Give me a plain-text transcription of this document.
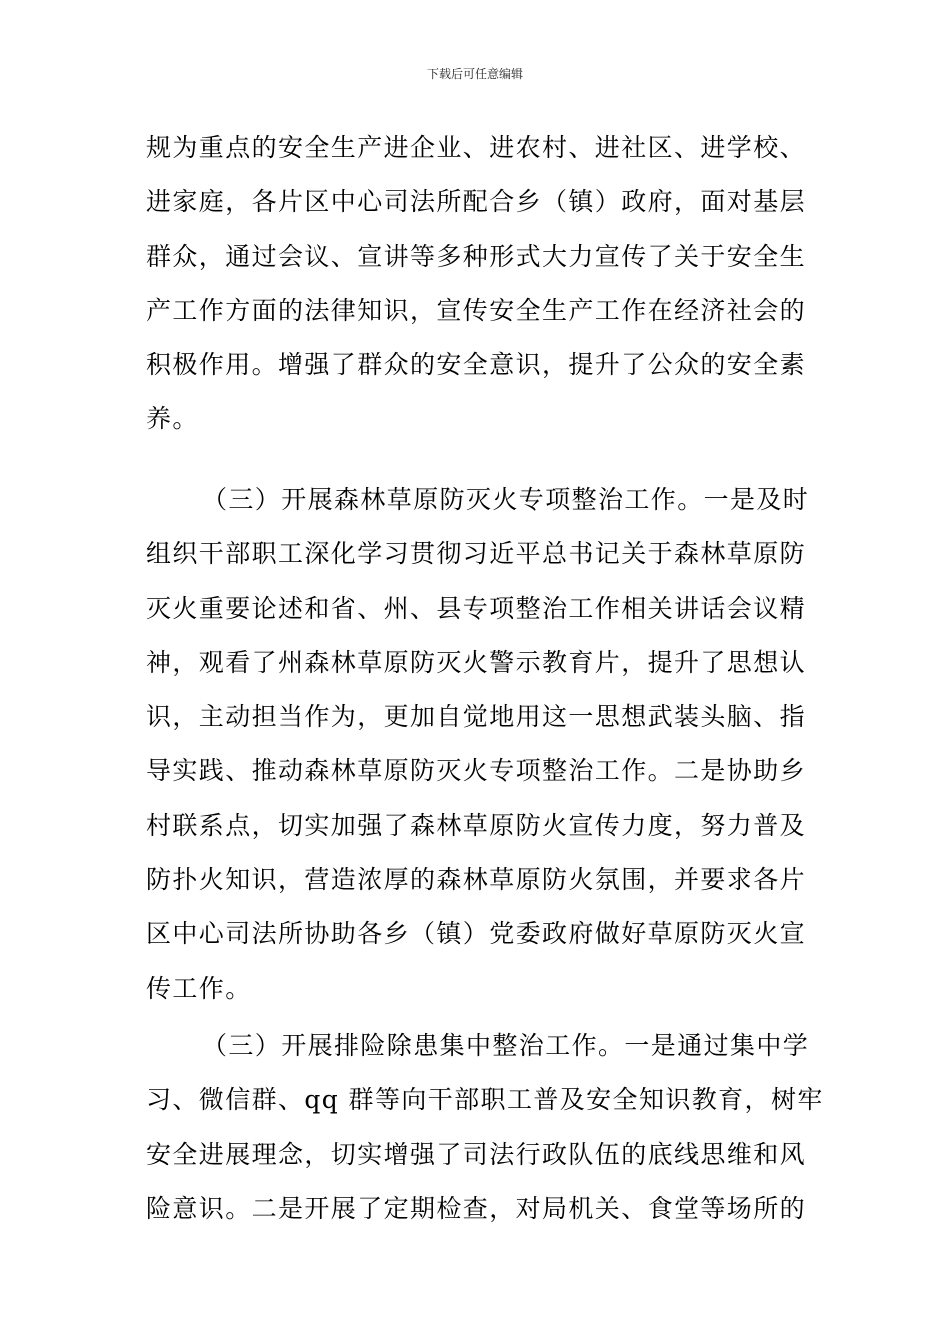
下载后可任意编辑
规为重点的安全生产进企业、进农村、进社区、进学校、
进家庭，各片区中心司法所配合乡（镇）政府，面对基层
群众，通过会议、宣讲等多种形式大力宣传了关于安全生
产工作方面的法律知识，宣传安全生产工作在经济社会的
积极作用。增强了群众的安全意识，提升了公众的安全素
养。
（三）开展森林草原防灭火专项整治工作。一是及时
组织干部职工深化学习贯彻习近平总书记关于森林草原防
灭火重要论述和省、州、县专项整治工作相关讲话会议精
神，观看了州森林草原防灭火警示教育片，提升了思想认
识，主动担当作为，更加自觉地用这一思想武装头脑、指
导实践、推动森林草原防灭火专项整治工作。二是协助乡
村联系点，切实加强了森林草原防火宣传力度，努力普及
防扑火知识，营造浓厚的森林草原防火氛围，并要求各片
区中心司法所协助各乡（镇）党委政府做好草原防灭火宣
传工作。
（三）开展排险除患集中整治工作。一是通过集中学
习、微信群、qq 群等向干部职工普及安全知识教育，树牢
安全进展理念，切实增强了司法行政队伍的底线思维和风
险意识。二是开展了定期检查，对局机关、食堂等场所的
